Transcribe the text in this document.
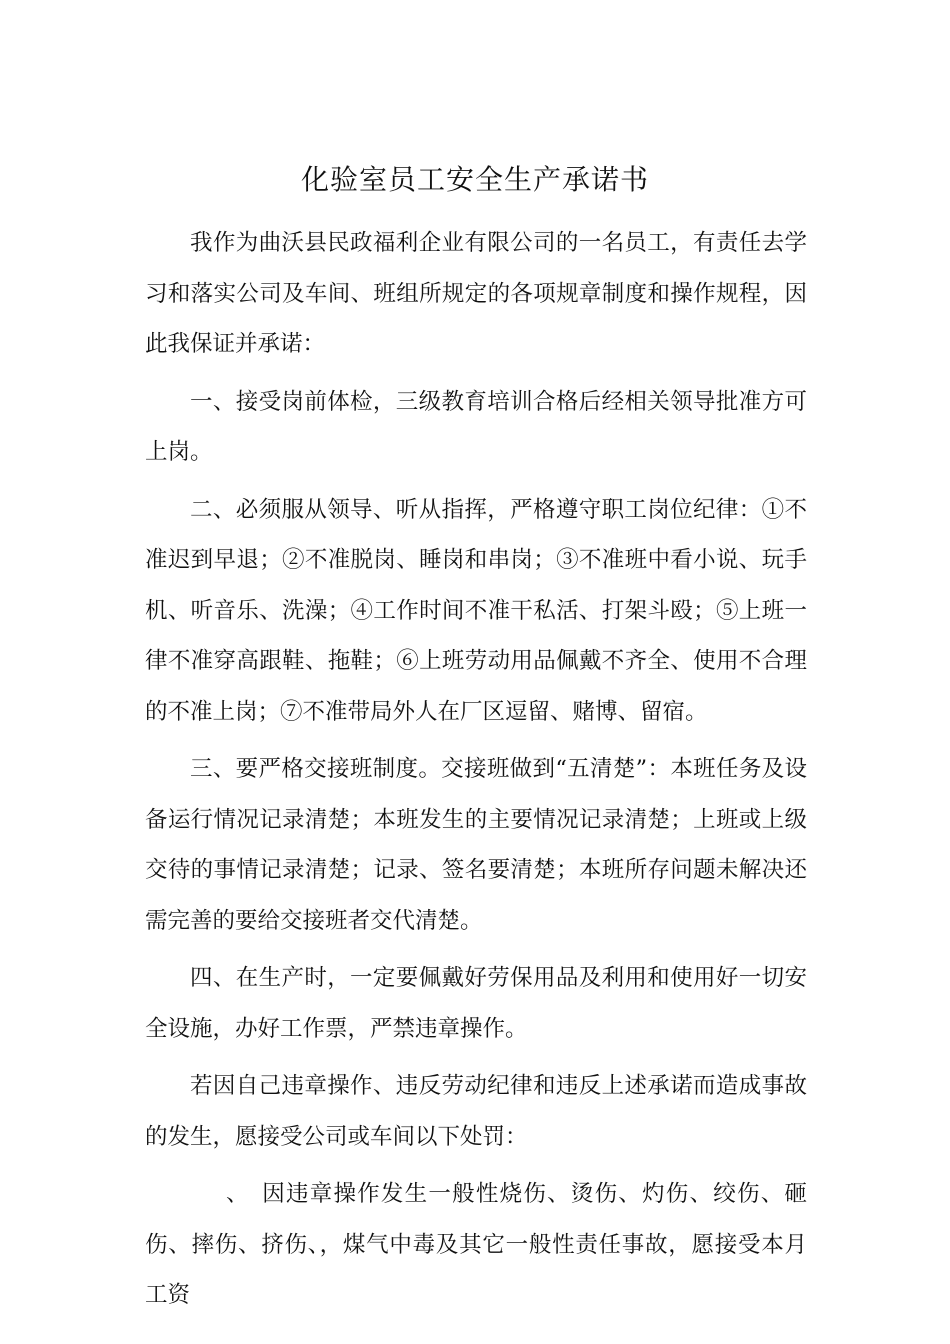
化验室员工安全生产承诺书

我作为曲沃县民政福利企业有限公司的一名员工，有责任去学习和落实公司及车间、班组所规定的各项规章制度和操作规程，因此我保证并承诺：

一、接受岗前体检，三级教育培训合格后经相关领导批准方可上岗。

二、必须服从领导、听从指挥，严格遵守职工岗位纪律：①不准迟到早退；②不准脱岗、睡岗和串岗；③不准班中看小说、玩手机、听音乐、洗澡；④工作时间不准干私活、打架斗殴；⑤上班一律不准穿高跟鞋、拖鞋；⑥上班劳动用品佩戴不齐全、使用不合理的不准上岗；⑦不准带局外人在厂区逗留、赌博、留宿。

三、要严格交接班制度。交接班做到“五清楚”：本班任务及设备运行情况记录清楚；本班发生的主要情况记录清楚；上班或上级交待的事情记录清楚；记录、签名要清楚；本班所存问题未解决还需完善的要给交接班者交代清楚。

四、在生产时，一定要佩戴好劳保用品及利用和使用好一切安全设施，办好工作票，严禁违章操作。

若因自己违章操作、违反劳动纪律和违反上述承诺而造成事故的发生，愿接受公司或车间以下处罚：

、　因违章操作发生一般性烧伤、烫伤、灼伤、绞伤、砸伤、摔伤、挤伤、，煤气中毒及其它一般性责任事故，愿接受本月工资
